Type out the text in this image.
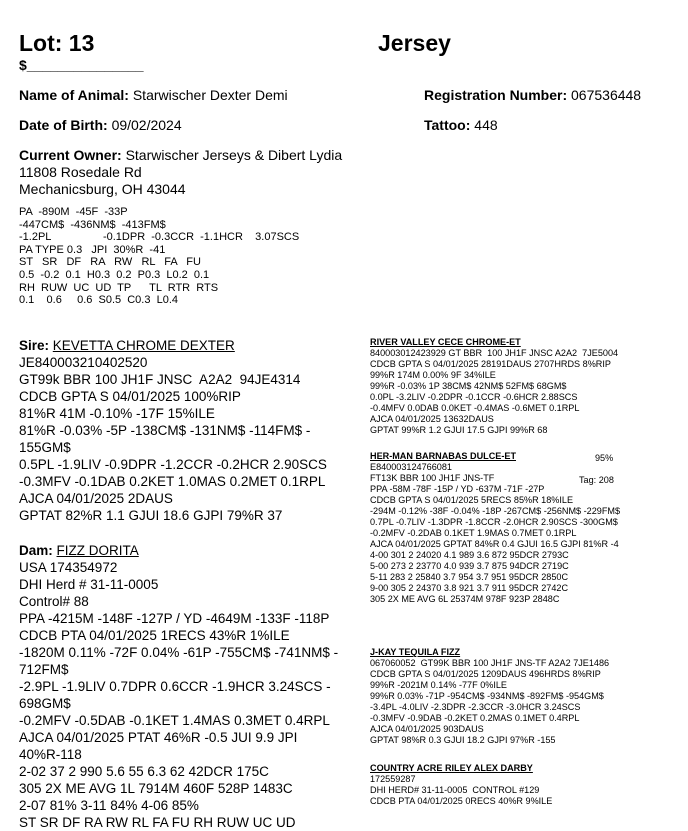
Lot: 13	Jersey
$_______________
Name of Animal: Starwischer Dexter Demi	Registration Number: 067536448
Date of Birth: 09/02/2024	Tattoo: 448
Current Owner: Starwischer Jerseys & Dibert Lydia
11808 Rosedale Rd
Mechanicsburg, OH 43044
PA  -890M  -45F  -33P
-447CM$  -436NM$  -413FM$
-1.2PL                 -0.1DPR  -0.3CCR  -1.1HCR    3.07SCS
PA TYPE 0.3   JPI  30%R  -41
ST   SR   DF   RA   RW   RL   FA   FU
0.5  -0.2  0.1  H0.3  0.2  P0.3  L0.2  0.1
RH  RUW  UC  UD  TP      TL  RTR  RTS
0.1    0.6     0.6  S0.5  C0.3  L0.4
Sire: KEVETTA CHROME DEXTER
JE840003210402520
GT99k BBR 100 JH1F JNSC  A2A2  94JE4314
CDCB GPTA S 04/01/2025 100%RIP
81%R 41M -0.10% -17F 15%ILE
81%R -0.03% -5P -138CM$ -131NM$ -114FM$ -
155GM$
0.5PL -1.9LIV -0.9DPR -1.2CCR -0.2HCR 2.90SCS
-0.3MFV -0.1DAB 0.2KET 1.0MAS 0.2MET 0.1RPL
AJCA 04/01/2025 2DAUS
GPTAT 82%R 1.1 GJUI 18.6 GJPI 79%R 37
Dam: FIZZ DORITA
USA 174354972
DHI Herd # 31-11-0005
Control# 88
PPA -4215M -148F -127P / YD -4649M -133F -118P
CDCB PTA 04/01/2025 1RECS 43%R 1%ILE
-1820M 0.11% -72F 0.04% -61P -755CM$ -741NM$ -
712FM$
-2.9PL -1.9LIV 0.7DPR 0.6CCR -1.9HCR 3.24SCS -
698GM$
-0.2MFV -0.5DAB -0.1KET 1.4MAS 0.3MET 0.4RPL
AJCA 04/01/2025 PTAT 46%R -0.5 JUI 9.9 JPI
40%R-118
2-02 37 2 990 5.6 55 6.3 62 42DCR 175C
305 2X ME AVG 1L 7914M 460F 528P 1483C
2-07 81% 3-11 84% 4-06 85%
ST SR DF RA RW RL FA FU RH RUW UC UD
RIVER VALLEY CECE CHROME-ET
840003012423929 GT BBR  100 JH1F JNSC A2A2  7JE5004
CDCB GPTA S 04/01/2025 28191DAUS 2707HRDS 8%RIP
99%R 174M 0.00% 9F 34%ILE
99%R -0.03% 1P 38CM$ 42NM$ 52FM$ 68GM$
0.0PL -3.2LIV -0.2DPR -0.1CCR -0.6HCR 2.88SCS
-0.4MFV 0.0DAB 0.0KET -0.4MAS -0.6MET 0.1RPL
AJCA 04/01/2025 13632DAUS
GPTAT 99%R 1.2 GJUI 17.5 GJPI 99%R 68
HER-MAN BARNABAS DULCE-ET
E840003124766081
FT13K BBR 100 JH1F JNS-TF
PPA -58M -78F -15P / YD -637M -71F -27P
CDCB GPTA S 04/01/2025 5RECS 85%R 18%ILE
-294M -0.12% -38F -0.04% -18P -267CM$ -256NM$ -229FM$
0.7PL -0.7LIV -1.3DPR -1.8CCR -2.0HCR 2.90SCS -300GM$
-0.2MFV -0.2DAB 0.1KET 1.9MAS 0.7MET 0.1RPL
AJCA 04/01/2025 GPTAT 84%R 0.4 GJUI 16.5 GJPI 81%R -4
4-00 301 2 24020 4.1 989 3.6 872 95DCR 2793C
5-00 273 2 23770 4.0 939 3.7 875 94DCR 2719C
5-11 283 2 25840 3.7 954 3.7 951 95DCR 2850C
9-00 305 2 24370 3.8 921 3.7 911 95DCR 2742C
305 2X ME AVG 6L 25374M 978F 923P 2848C
95%
Tag: 208
J-KAY TEQUILA FIZZ
067060052  GT99K BBR 100 JH1F JNS-TF A2A2 7JE1486
CDCB GPTA S 04/01/2025 1209DAUS 496HRDS 8%RIP
99%R -2021M 0.14% -77F 0%ILE
99%R 0.03% -71P -954CM$ -934NM$ -892FM$ -954GM$
-3.4PL -4.0LIV -2.3DPR -2.3CCR -3.0HCR 3.24SCS
-0.3MFV -0.9DAB -0.2KET 0.2MAS 0.1MET 0.4RPL
AJCA 04/01/2025 903DAUS
GPTAT 98%R 0.3 GJUI 18.2 GJPI 97%R -155
COUNTRY ACRE RILEY ALEX DARBY
172559287
DHI HERD# 31-11-0005  CONTROL #129
CDCB PTA 04/01/2025 0RECS 40%R 9%ILE
